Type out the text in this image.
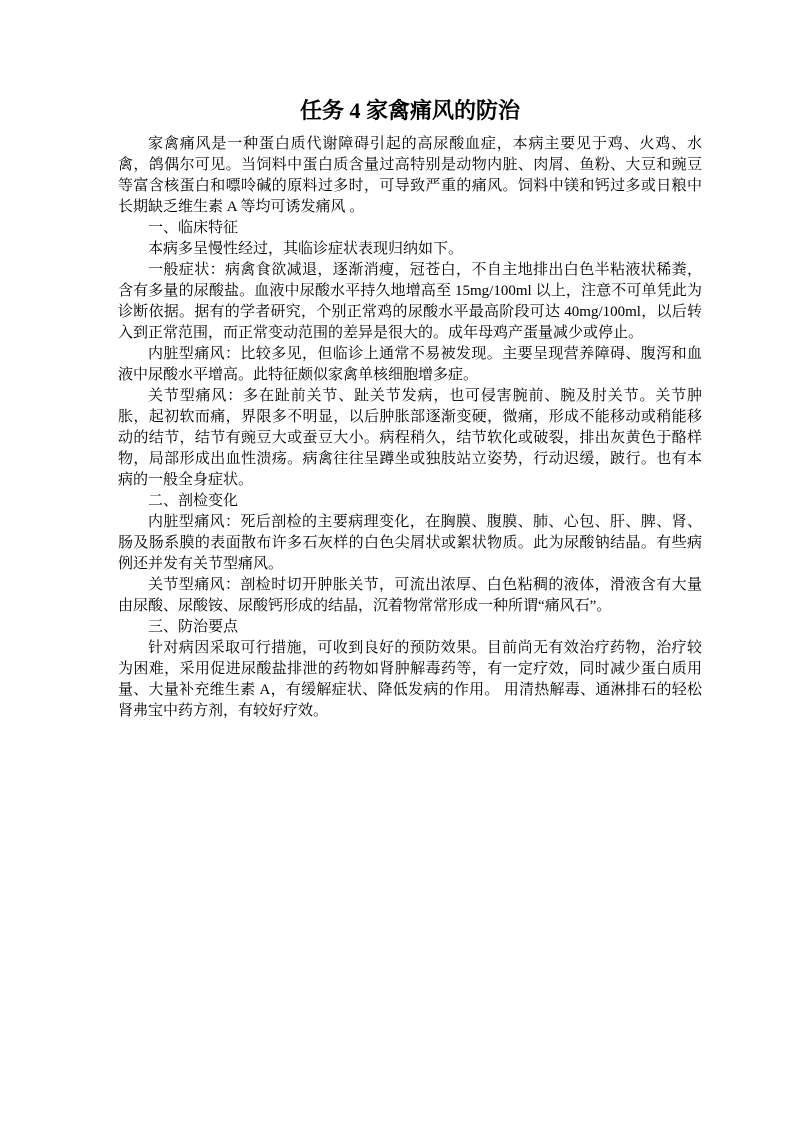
任务 4 家禽痛风的防治

家禽痛风是一种蛋白质代谢障碍引起的高尿酸血症，本病主要见于鸡、火鸡、水禽，鸽偶尔可见。当饲料中蛋白质含量过高特别是动物内脏、肉屑、鱼粉、大豆和豌豆等富含核蛋白和嘌呤碱的原料过多时，可导致严重的痛风。饲料中镁和钙过多或日粮中长期缺乏维生素 A 等均可诱发痛风 。

一、临床特征

本病多呈慢性经过，其临诊症状表现归纳如下。

一般症状：病禽食欲减退，逐渐消瘦，冠苍白，不自主地排出白色半粘液状稀粪，含有多量的尿酸盐。血液中尿酸水平持久地增高至 15mg/100ml 以上，注意不可单凭此为诊断依据。据有的学者研究，个别正常鸡的尿酸水平最高阶段可达 40mg/100ml，以后转入到正常范围，而正常变动范围的差异是很大的。成年母鸡产蛋量减少或停止。

内脏型痛风：比较多见，但临诊上通常不易被发现。主要呈现营养障碍、腹泻和血液中尿酸水平增高。此特征颇似家禽单核细胞增多症。

关节型痛风：多在趾前关节、趾关节发病，也可侵害腕前、腕及肘关节。关节肿胀，起初软而痛，界限多不明显，以后肿胀部逐渐变硬，微痛，形成不能移动或稍能移动的结节，结节有豌豆大或蚕豆大小。病程稍久，结节软化或破裂，排出灰黄色于酪样物，局部形成出血性溃疡。病禽往往呈蹲坐或独肢站立姿势，行动迟缓，跛行。也有本病的一般全身症状。

二、剖检变化

内脏型痛风：死后剖检的主要病理变化，在胸膜、腹膜、肺、心包、肝、脾、肾、肠及肠系膜的表面散布许多石灰样的白色尖屑状或絮状物质。此为尿酸钠结晶。有些病例还并发有关节型痛风。

关节型痛风：剖检时切开肿胀关节，可流出浓厚、白色粘稠的液体，滑液含有大量由尿酸、尿酸铵、尿酸钙形成的结晶，沉着物常常形成一种所谓“痛风石”。

三、防治要点

针对病因采取可行措施，可收到良好的预防效果。目前尚无有效治疗药物，治疗较为困难，采用促进尿酸盐排泄的药物如肾肿解毒药等，有一定疗效，同时减少蛋白质用量、大量补充维生素 A，有缓解症状、降低发病的作用。 用清热解毒、通淋排石的轻松肾弗宝中药方剂，有较好疗效。
